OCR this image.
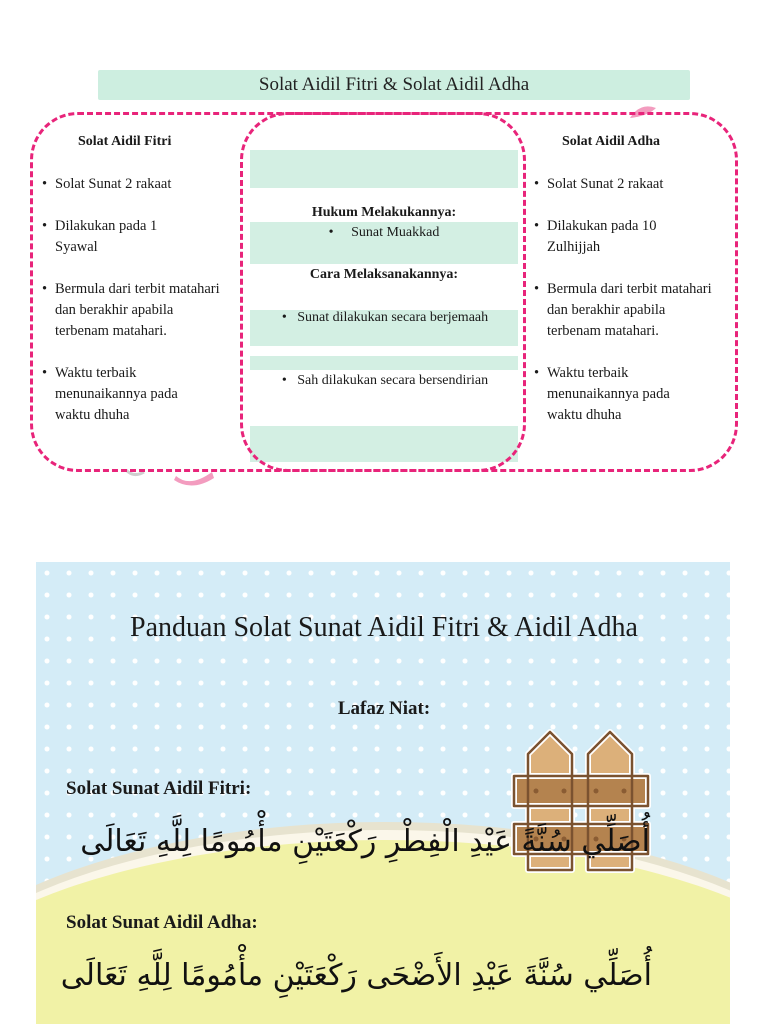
Solat Aidil Fitri & Solat Aidil Adha
Solat Aidil Fitri
• Solat Sunat 2 rakaat
• Dilakukan pada 1 Syawal
• Bermula dari terbit matahari dan berakhir apabila terbenam matahari.
• Waktu terbaik menunaikannya pada waktu dhuha
Hukum Melakukannya:
•     Sunat Muakkad
Cara Melaksanakannya:
•   Sunat dilakukan secara berjemaah
•   Sah dilakukan secara bersendirian
Solat Aidil Adha
• Solat Sunat 2 rakaat
• Dilakukan pada 10 Zulhijjah
• Bermula dari terbit matahari dan berakhir apabila terbenam matahari.
• Waktu terbaik menunaikannya pada waktu dhuha
Panduan Solat Sunat Aidil Fitri & Aidil Adha
Lafaz Niat:
Solat Sunat Aidil Fitri:
أُصَلِّي سُنَّةً عَيْدِ الْفِطْرِ رَكْعَتَيْنِ مأْمُومًا لِلَّهِ تَعَالَى
Solat Sunat Aidil Adha:
أُصَلِّي سُنَّةَ عَيْدِ الأَضْحَى رَكْعَتَيْنِ مأْمُومًا لِلَّهِ تَعَالَى
